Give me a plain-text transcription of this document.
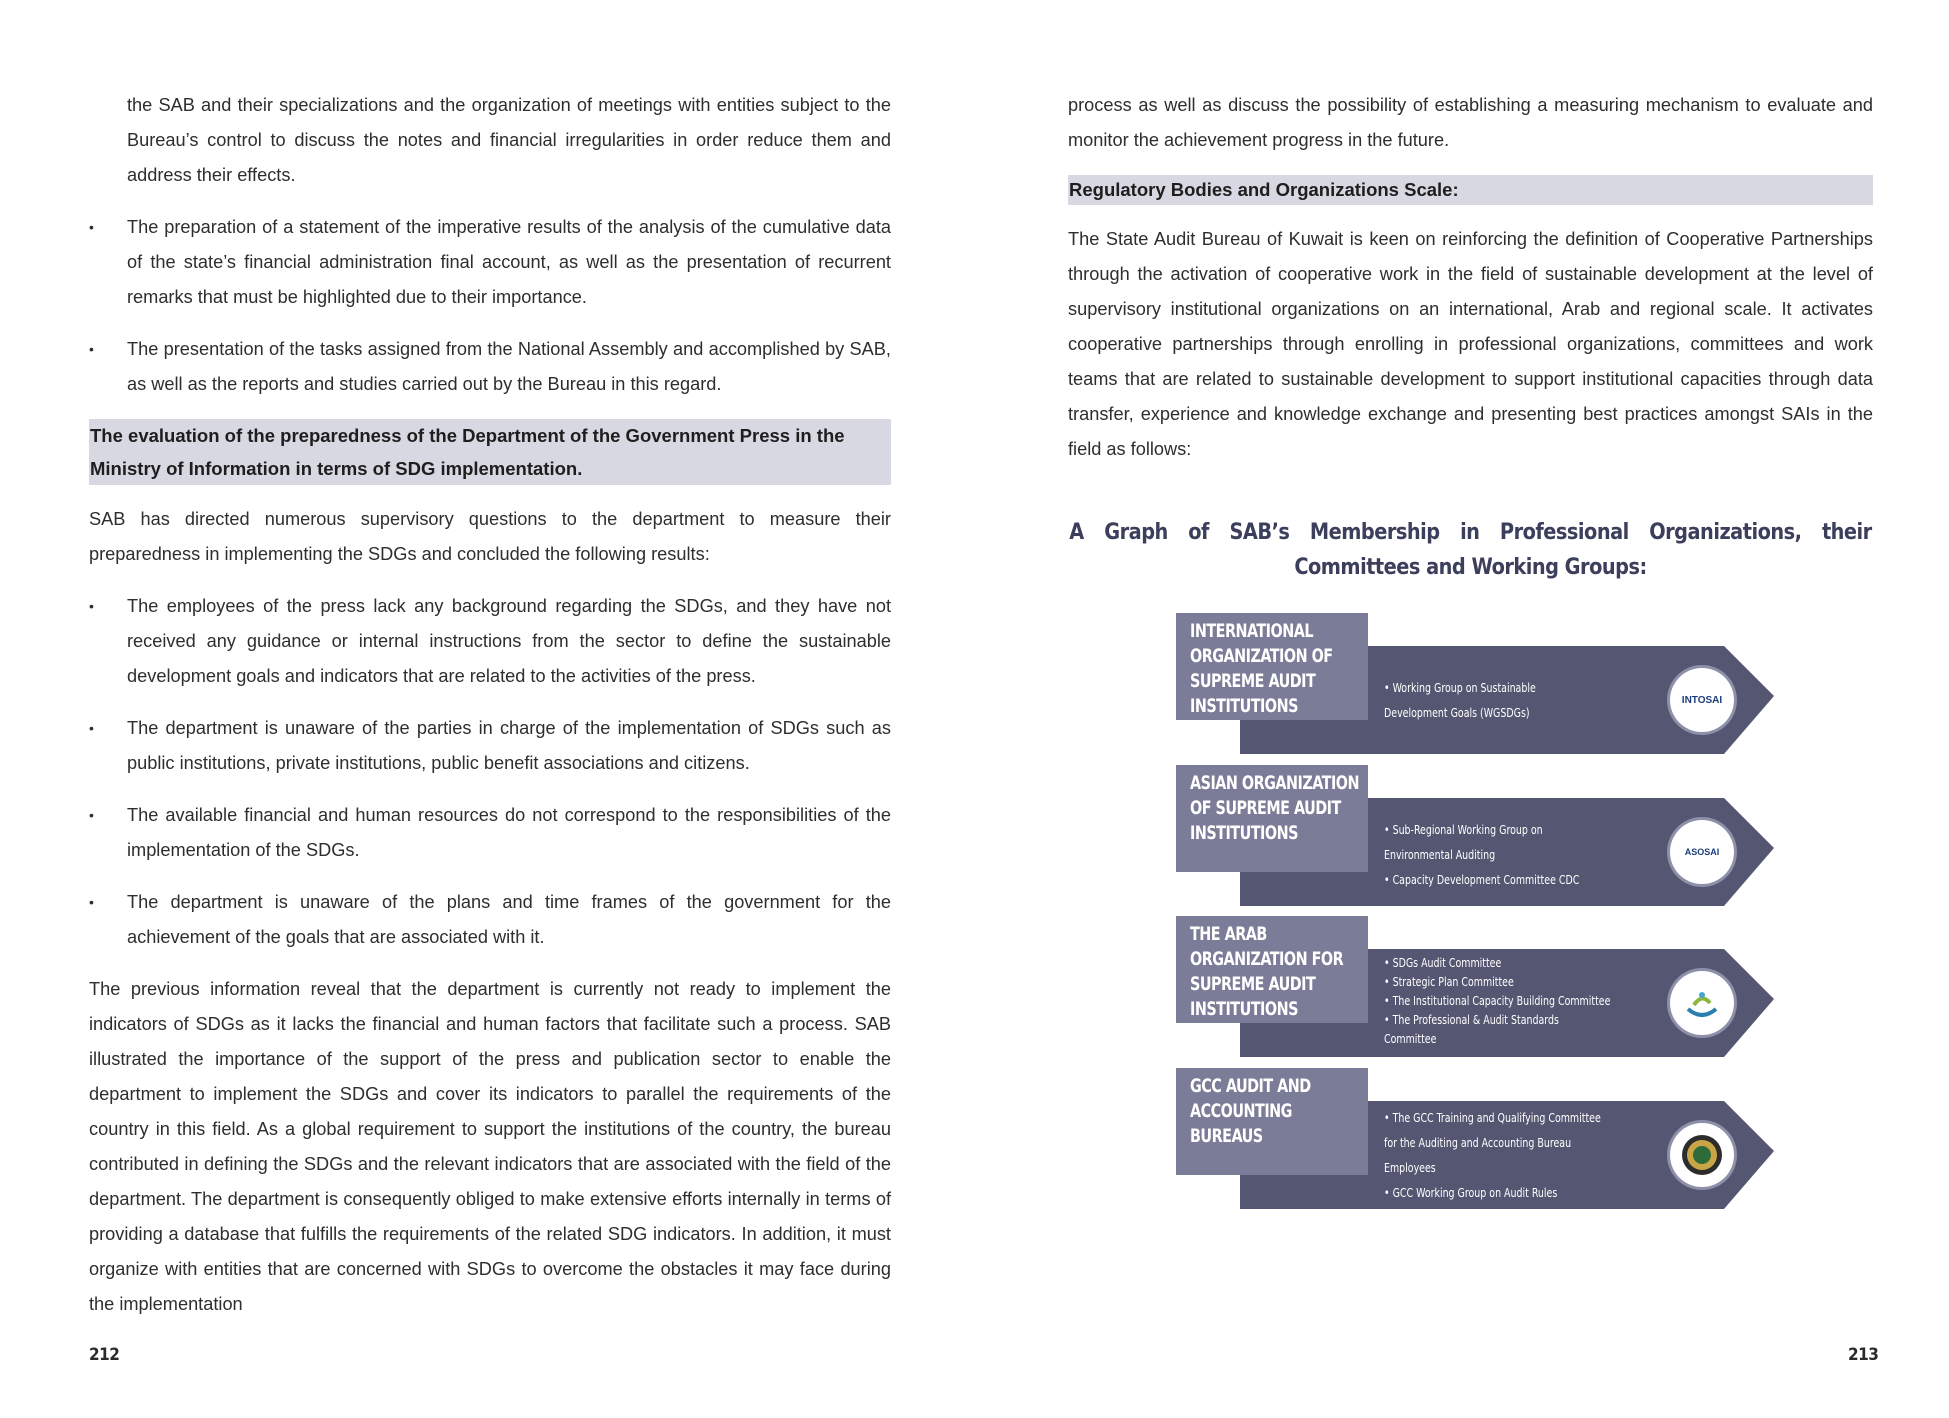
the SAB and their specializations and the organization of meetings with entities subject to the Bureau’s control to discuss the notes and financial irregularities in order reduce them and address their effects.

•	The preparation of a statement of the imperative results of the analysis of the cumulative data of the state’s financial administration final account, as well as the presentation of recurrent remarks that must be highlighted due to their importance.
•	The presentation of the tasks assigned from the National Assembly and accomplished by SAB, as well as the reports and studies carried out by the Bureau in this regard.
The evaluation of the preparedness of the Department of the Government Press in the Ministry of Information in terms of SDG implementation.

SAB has directed numerous supervisory questions to the department to measure their preparedness in implementing the SDGs and concluded the following results:

•	The employees of the press lack any background regarding the SDGs, and they have not received any guidance or internal instructions from the sector to define the sustainable development goals and indicators that are related to the activities of the press.
•	The department is unaware of the parties in charge of the implementation of SDGs such as public institutions, private institutions, public benefit associations and citizens.
•	The available financial and human resources do not correspond to the responsibilities of the implementation of the SDGs.
•	The department is unaware of the plans and time frames of the government for the achievement of the goals that are associated with it.

The previous information reveal that the department is currently not ready to implement the indicators of SDGs as it lacks the financial and human factors that facilitate such a process. SAB illustrated the importance of the support of the press and publication sector to enable the department to implement the SDGs and cover its indicators to parallel the requirements of the country in this field. As a global requirement to support the institutions of the country, the bureau contributed in defining the SDGs and the relevant indicators that are associated with the field of the department. The department is consequently obliged to make extensive efforts internally in terms of providing a database that fulfills the requirements of the related SDG indicators. In addition, it must organize with entities that are concerned with SDGs to overcome the obstacles it may face during the implementation

212

process as well as discuss the possibility of establishing a measuring mechanism to evaluate and monitor the achievement progress in the future.

Regulatory Bodies and Organizations Scale:

The State Audit Bureau of Kuwait is keen on reinforcing the definition of Cooperative Partnerships through the activation of cooperative work in the field of sustainable development at the level of supervisory institutional organizations on an international, Arab and regional scale. It activates cooperative partnerships through enrolling in professional organizations, committees and work teams that are related to sustainable development to support institutional capacities through data transfer, experience and knowledge exchange and presenting best practices amongst SAIs in the field as follows:

A Graph of SAB’s Membership in Professional Organizations, their Committees and Working Groups:
INTERNATIONAL
ORGANIZATION OF
SUPREME AUDIT
INSTITUTIONS
• Working Group on Sustainable
Development Goals (WGSDGs)
INTOSAI
ASIAN ORGANIZATION
OF SUPREME AUDIT
INSTITUTIONS	• Sub-Regional Working Group on
Environmental Auditing
• Capacity Development Committee CDC
ASOSAI
THE ARAB
ORGANIZATION FOR
SUPREME AUDIT
INSTITUTIONS
• SDGs Audit Committee
• Strategic Plan Committee
• The Institutional Capacity Building Committee
• The Professional & Audit Standards
Committee
GCC AUDIT AND
ACCOUNTING
BUREAUS
• The GCC Training and Qualifying Committee
for the Auditing and Accounting Bureau
Employees
• GCC Working Group on Audit Rules
213
